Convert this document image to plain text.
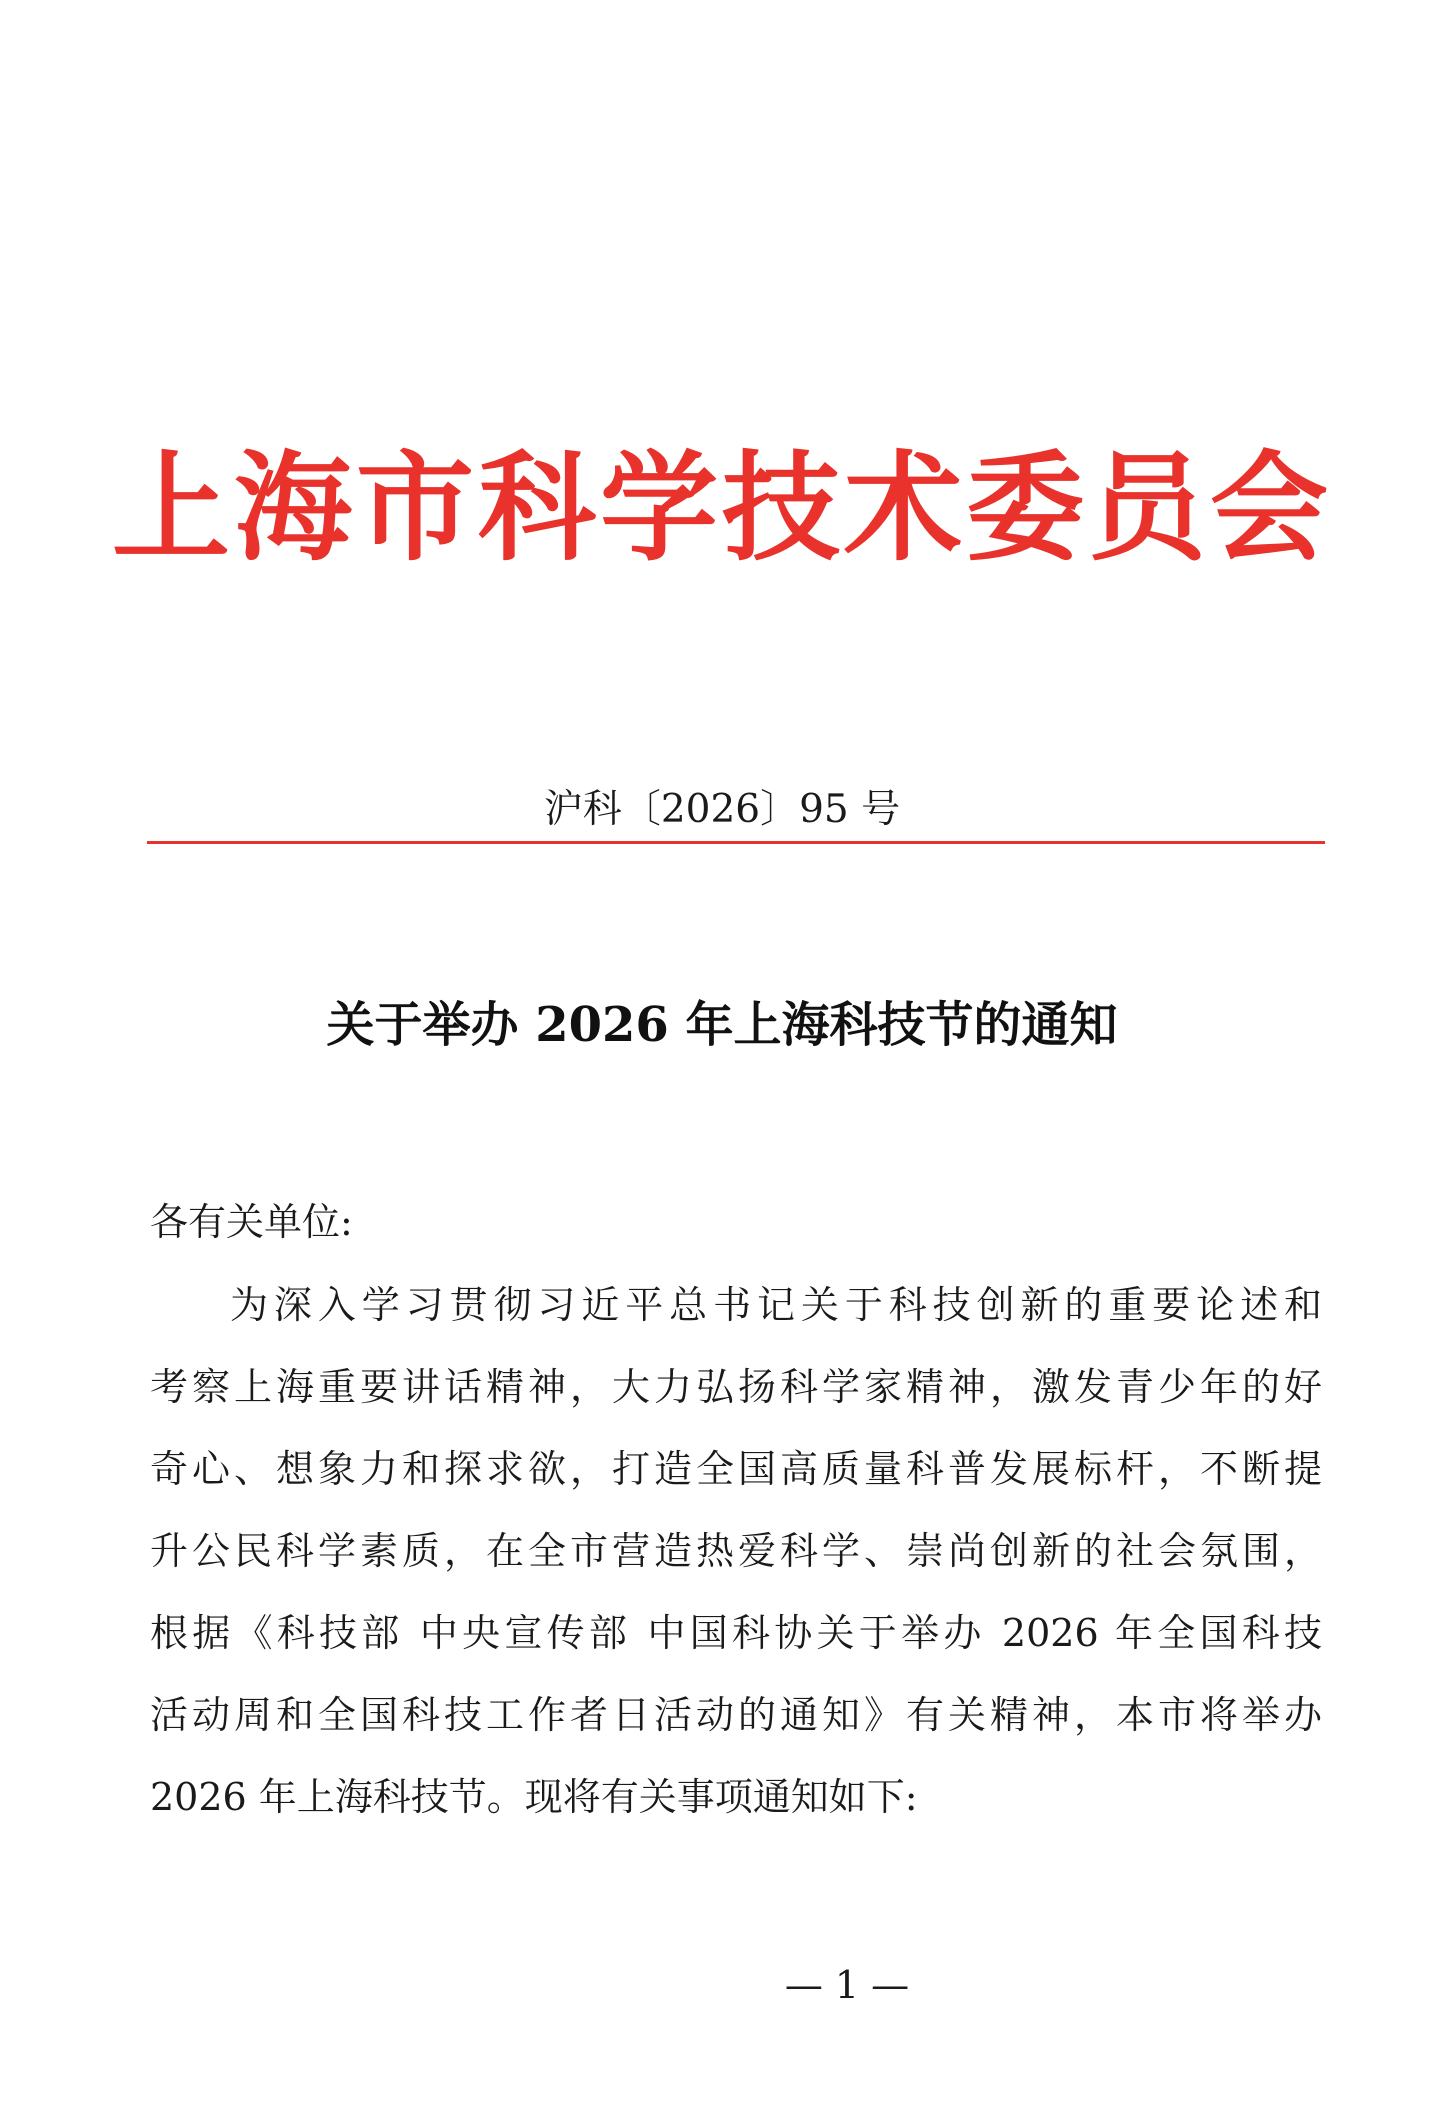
上海市科学技术委员会
沪科〔2026〕95 号
关于举办 2026 年上海科技节的通知
各有关单位:
为深入学习贯彻习近平总书记关于科技创新的重要论述和
考察上海重要讲话精神，大力弘扬科学家精神，激发青少年的好
奇心、想象力和探求欲，打造全国高质量科普发展标杆，不断提
升公民科学素质，在全市营造热爱科学、崇尚创新的社会氛围，
根据《科技部 中央宣传部 中国科协关于举办 2026 年全国科技
活动周和全国科技工作者日活动的通知》有关精神，本市将举办
2026 年上海科技节。现将有关事项通知如下:
— 1 —
